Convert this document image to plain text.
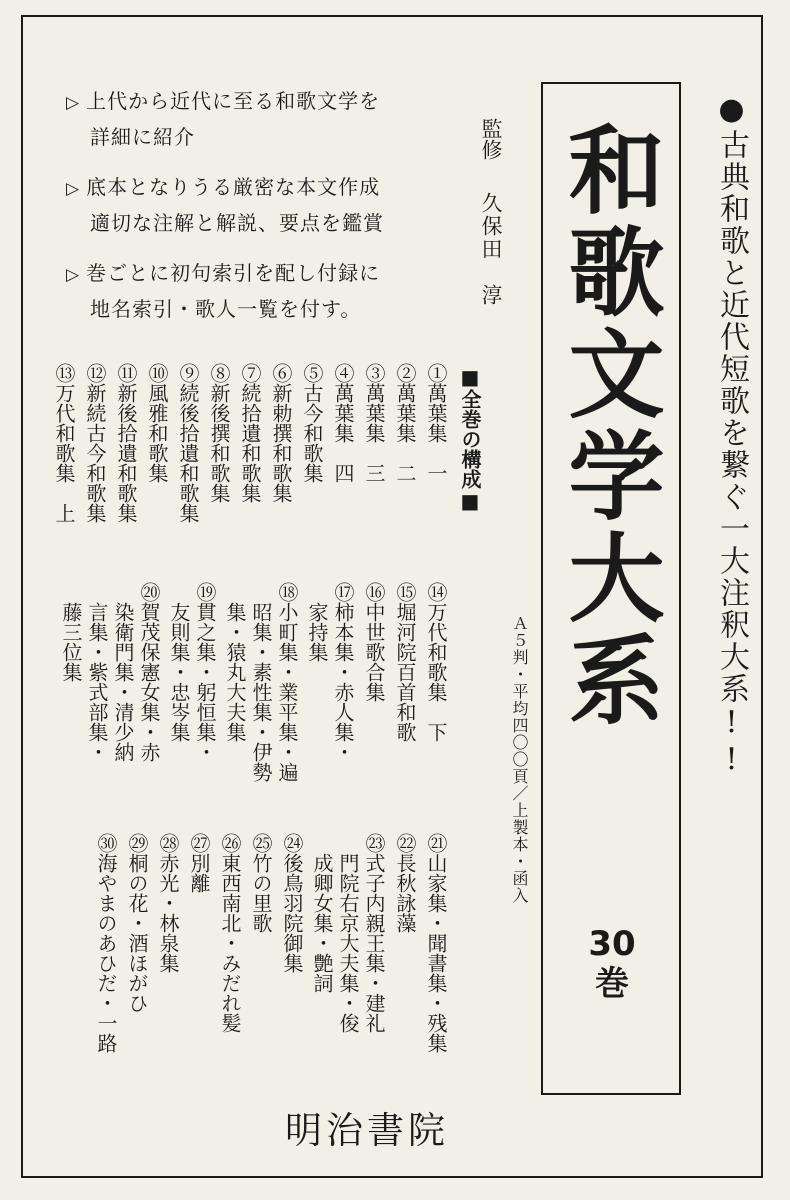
▷ 上代から近代に至る和歌文学を
詳細に紹介
▷ 底本となりうる厳密な本文作成
適切な注解と解説、要点を鑑賞
▷ 巻ごとに初句索引を配し付録に
地名索引・歌人一覧を付す。
監修
久保田　淳
■全巻の構成■
①萬葉集　一
②萬葉集　二
③萬葉集　三
④萬葉集　四
⑤古今和歌集
⑥新勅撰和歌集
⑦続拾遺和歌集
⑧新後撰和歌集
⑨続後拾遺和歌集
⑩風雅和歌集
⑪新後拾遺和歌集
⑫新続古今和歌集
⑬万代和歌集　上
⑭万代和歌集　下
⑮堀河院百首和歌
⑯中世歌合集
⑰柿本集・赤人集・
家持集
⑱小町集・業平集・遍
昭集・素性集・伊勢
集・猿丸大夫集
⑲貫之集・躬恒集・
友則集・忠岑集
⑳賀茂保憲女集・赤
染衛門集・清少納
言集・紫式部集・
藤三位集
㉑山家集・聞書集・残集
㉒長秋詠藻
㉓式子内親王集・建礼
門院右京大夫集・俊
成卿女集・艶詞
㉔後鳥羽院御集
㉕竹の里歌
㉖東西南北・みだれ髪
㉗別離
㉘赤光・林泉集
㉙桐の花・酒ほがひ
㉚海やまのあひだ・一路
Ａ５判・平均四〇〇頁／上製本・函入
和歌文学大系
30巻
●古典和歌と近代短歌を繋ぐ一大注釈大系!!
明治書院
